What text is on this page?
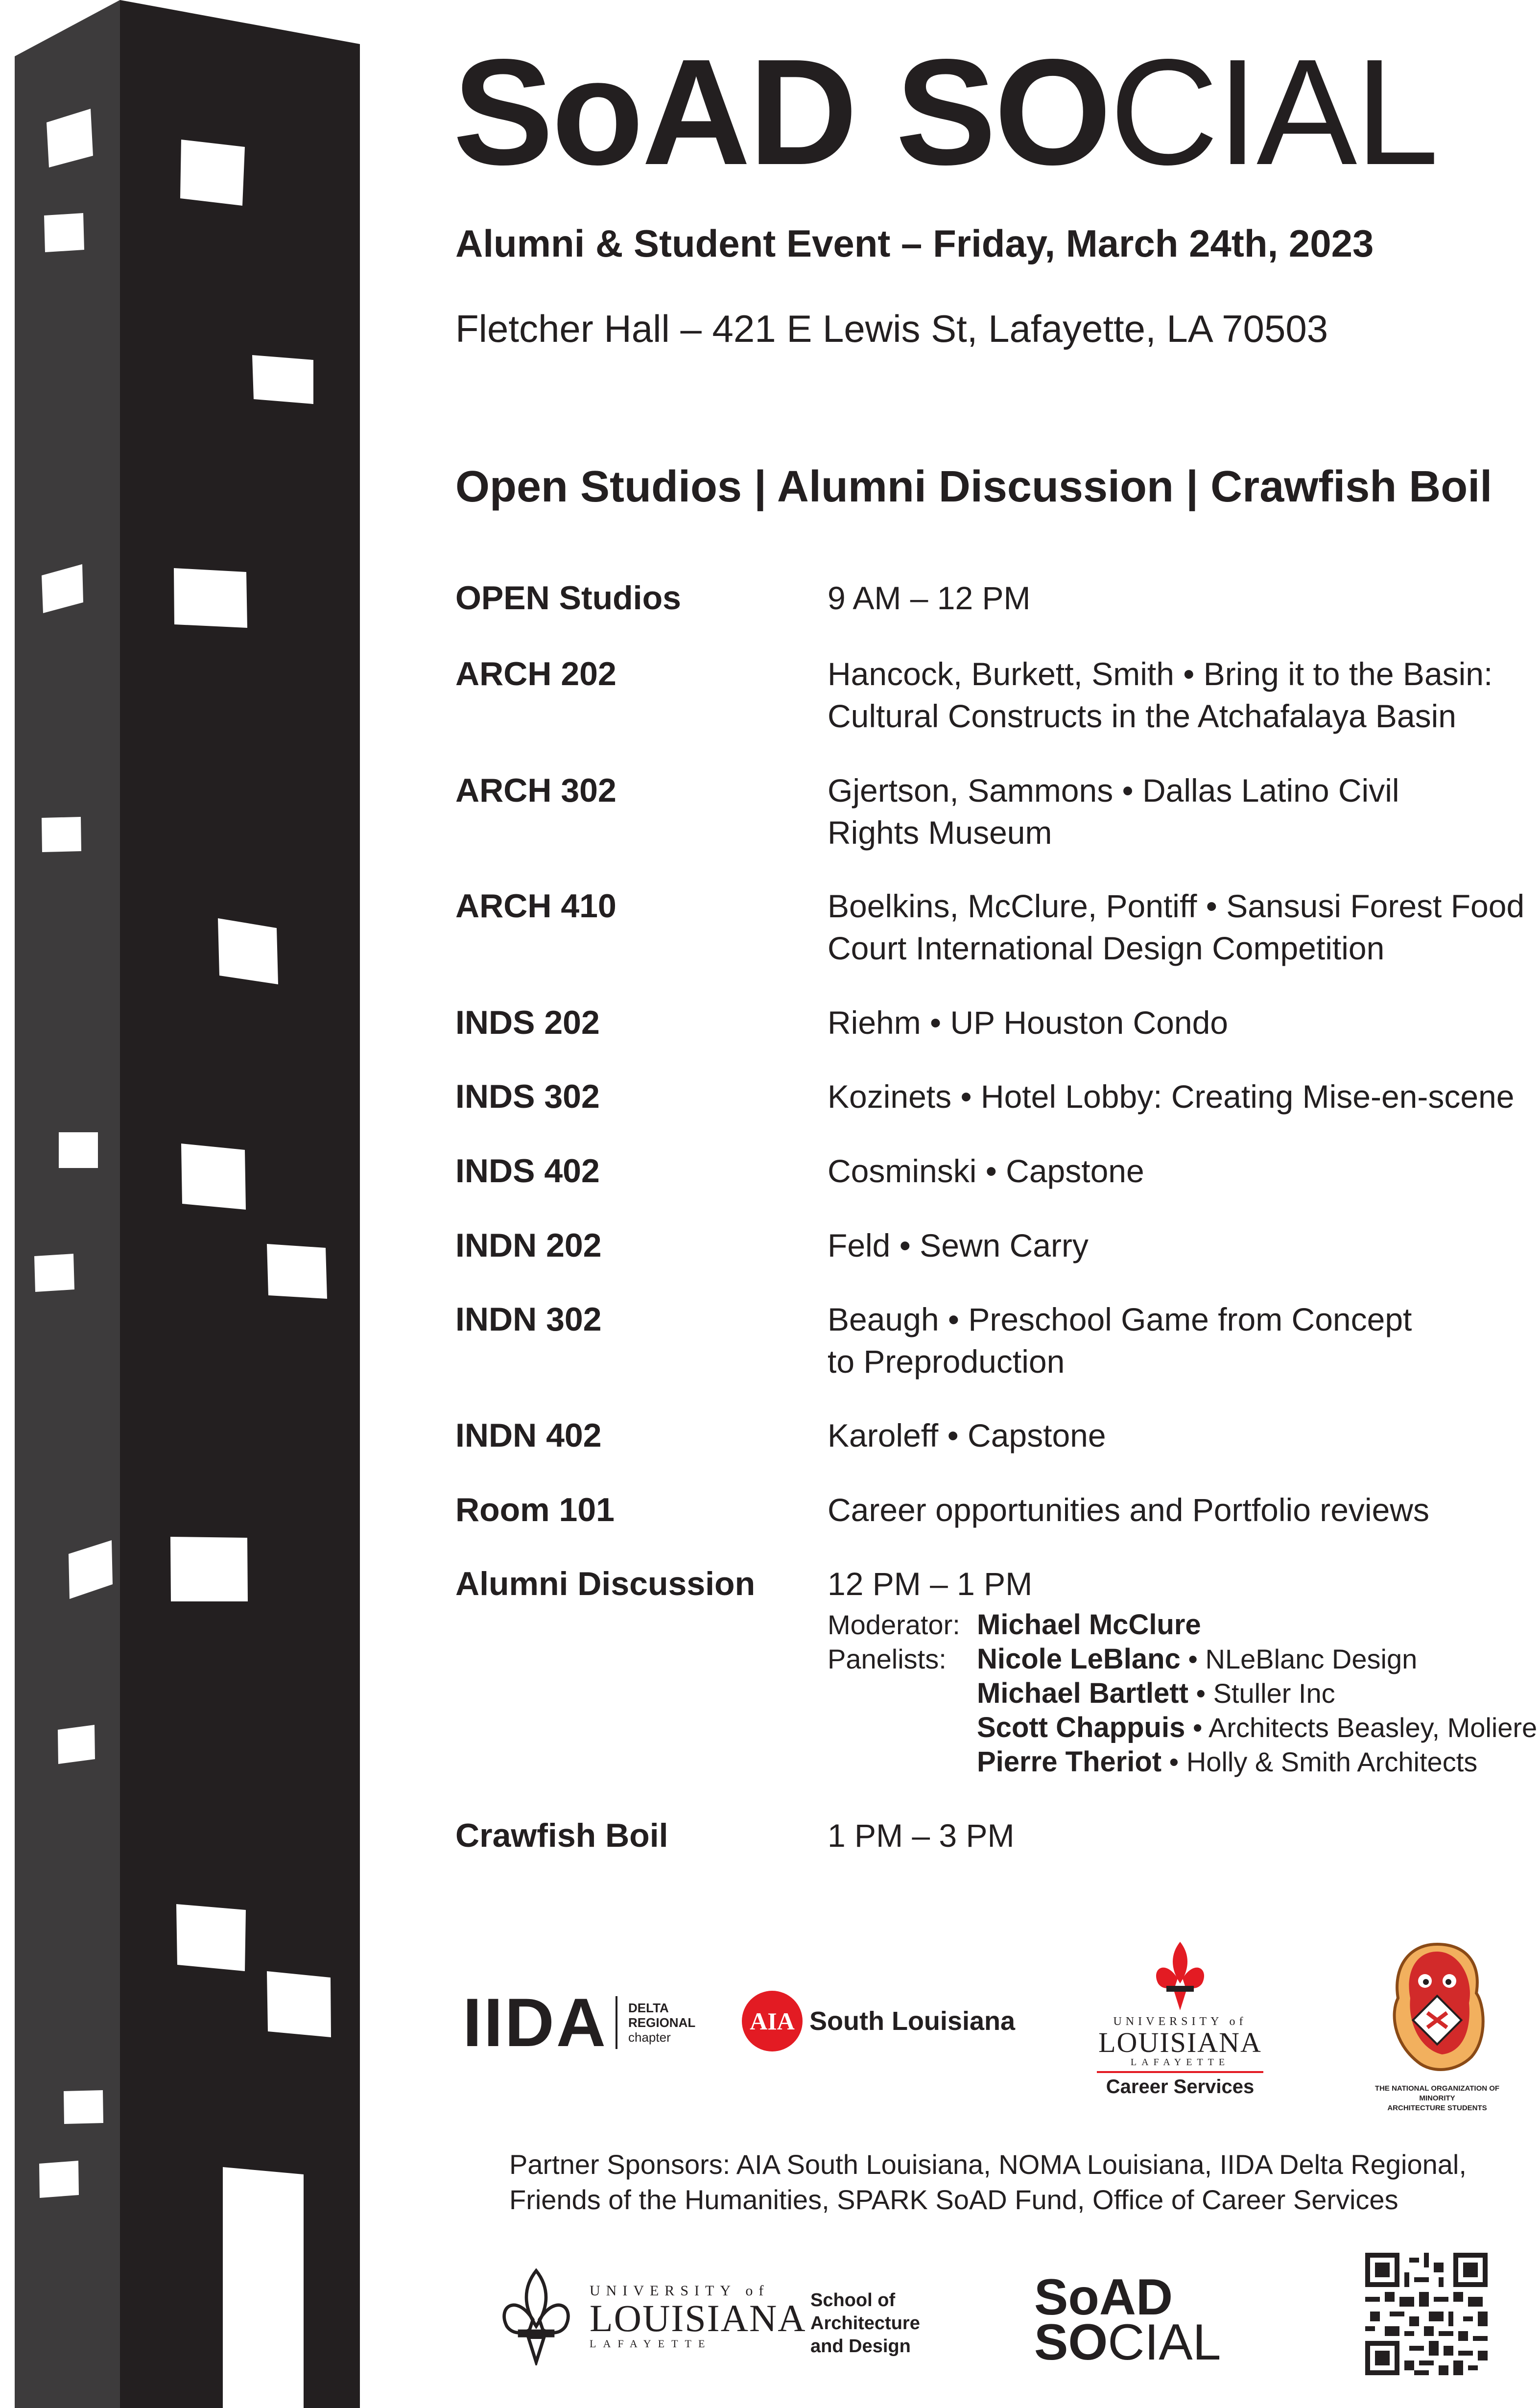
SoAD SOCIAL
Alumni & Student Event – Friday, March 24th, 2023
Fletcher Hall – 421 E Lewis St, Lafayette, LA 70503
Open Studios | Alumni Discussion | Crawfish Boil
OPEN Studios	9 AM – 12 PM
ARCH 202	Hancock, Burkett, Smith • Bring it to the Basin:
Cultural Constructs in the Atchafalaya Basin
ARCH 302	Gjertson, Sammons • Dallas Latino Civil
Rights Museum
ARCH 410	Boelkins, McClure, Pontiff • Sansusi Forest Food
Court International Design Competition
INDS 202	Riehm • UP Houston Condo
INDS 302	Kozinets • Hotel Lobby: Creating Mise-en-scene
INDS 402	Cosminski • Capstone
INDN 202	Feld • Sewn Carry
INDN 302	Beaugh • Preschool Game from Concept
to Preproduction
INDN 402	Karoleff • Capstone
Room 101	Career opportunities and Portfolio reviews
Alumni Discussion 12 PM – 1 PM
Moderator: Michael McClure
Panelists: Nicole LeBlanc • NLeBlanc Design
Michael Bartlett • Stuller Inc
Scott Chappuis • Architects Beasley, Moliere
Pierre Theriot • Holly & Smith Architects
Crawfish Boil	1 PM – 3 PM
IIDA DELTA
REGIONAL
chapter
AIA South Louisiana	UNIVERSITY of
LOUISIANA
LAFAYETTE
Career Services	THE NATIONAL ORGANIZATION OF MINORITY
ARCHITECTURE STUDENTS
Partner Sponsors: AIA South Louisiana, NOMA Louisiana, IIDA Delta Regional,
Friends of the Humanities, SPARK SoAD Fund, Office of Career Services
UNIVERSITY of
LOUISIANA
LAFAYETTE
School of
Architecture
and Design
SoAD
SOCIAL
